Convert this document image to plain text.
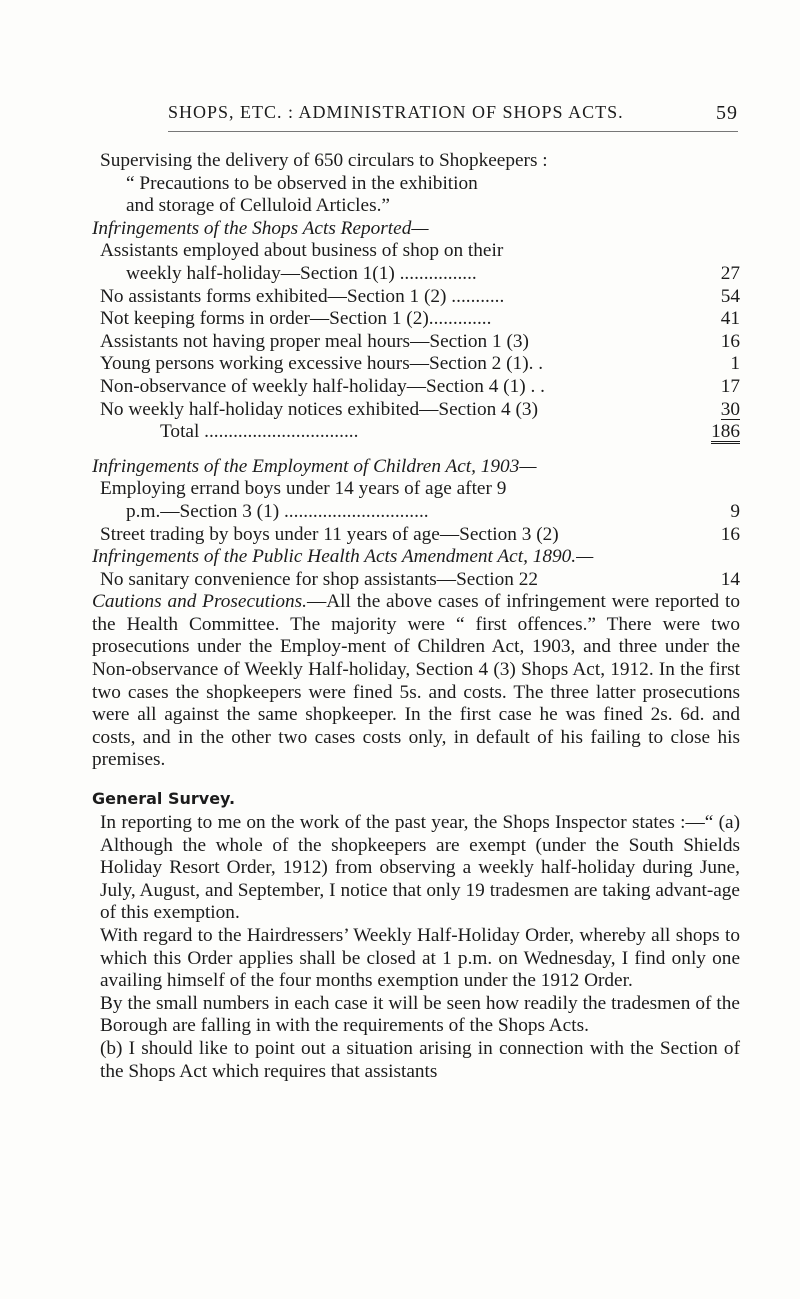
SHOPS, ETC. : ADMINISTRATION OF SHOPS ACTS.	59
Supervising the delivery of 650 circulars to Shopkeepers :
“ Precautions to be observed in the exhibition
and storage of Celluloid Articles.”
Infringements of the Shops Acts Reported—
Assistants employed about business of shop on their
weekly half-holiday—Section 1(1) ................	27
No assistants forms exhibited—Section 1 (2) ...........	54
Not keeping forms in order—Section 1 (2).............	41
Assistants not having proper meal hours—Section 1 (3)	16
Young persons working excessive hours—Section 2 (1). .	1
Non-observance of weekly half-holiday—Section 4 (1) . .	17
No weekly half-holiday notices exhibited—Section 4 (3)	30
Total ................................	186
Infringements of the Employment of Children Act, 1903—
Employing errand boys under 14 years of age after 9
p.m.—Section 3 (1) ..............................	9
Street trading by boys under 11 years of age—Section 3 (2)	16
Infringements of the Public Health Acts Amendment Act, 1890.—
No sanitary convenience for shop assistants—Section 22	14
Cautions and Prosecutions.—All the above cases of infringement were reported to the Health Committee. The majority were “ first offences.” There were two prosecutions under the Employ-ment of Children Act, 1903, and three under the Non-observance of Weekly Half-holiday, Section 4 (3) Shops Act, 1912. In the first two cases the shopkeepers were fined 5s. and costs. The three latter prosecutions were all against the same shopkeeper. In the first case he was fined 2s. 6d. and costs, and in the other two cases costs only, in default of his failing to close his premises.
General Survey.
In reporting to me on the work of the past year, the Shops Inspector states :—“ (a) Although the whole of the shopkeepers are exempt (under the South Shields Holiday Resort Order, 1912) from observing a weekly half-holiday during June, July, August, and September, I notice that only 19 tradesmen are taking advant-age of this exemption.
With regard to the Hairdressers’ Weekly Half-Holiday Order, whereby all shops to which this Order applies shall be closed at 1 p.m. on Wednesday, I find only one availing himself of the four months exemption under the 1912 Order.
By the small numbers in each case it will be seen how readily the tradesmen of the Borough are falling in with the requirements of the Shops Acts.
(b) I should like to point out a situation arising in connection with the Section of the Shops Act which requires that assistants
